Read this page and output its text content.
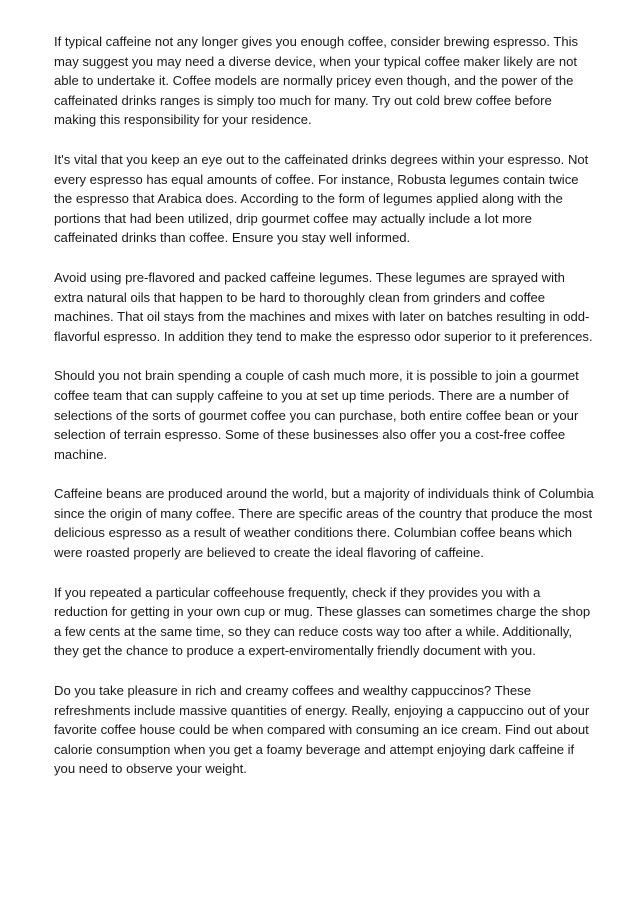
If typical caffeine not any longer gives you enough coffee, consider brewing espresso. This
may suggest you may need a diverse device, when your typical coffee maker likely are not
able to undertake it. Coffee models are normally pricey even though, and the power of the
caffeinated drinks ranges is simply too much for many. Try out cold brew coffee before
making this responsibility for your residence.

It's vital that you keep an eye out to the caffeinated drinks degrees within your espresso. Not
every espresso has equal amounts of coffee. For instance, Robusta legumes contain twice
the espresso that Arabica does. According to the form of legumes applied along with the
portions that had been utilized, drip gourmet coffee may actually include a lot more
caffeinated drinks than coffee. Ensure you stay well informed.

Avoid using pre-flavored and packed caffeine legumes. These legumes are sprayed with
extra natural oils that happen to be hard to thoroughly clean from grinders and coffee
machines. That oil stays from the machines and mixes with later on batches resulting in odd-
flavorful espresso. In addition they tend to make the espresso odor superior to it preferences.

Should you not brain spending a couple of cash much more, it is possible to join a gourmet
coffee team that can supply caffeine to you at set up time periods. There are a number of
selections of the sorts of gourmet coffee you can purchase, both entire coffee bean or your
selection of terrain espresso. Some of these businesses also offer you a cost-free coffee
machine.

Caffeine beans are produced around the world, but a majority of individuals think of Columbia
since the origin of many coffee. There are specific areas of the country that produce the most
delicious espresso as a result of weather conditions there. Columbian coffee beans which
were roasted properly are believed to create the ideal flavoring of caffeine.

If you repeated a particular coffeehouse frequently, check if they provides you with a
reduction for getting in your own cup or mug. These glasses can sometimes charge the shop
a few cents at the same time, so they can reduce costs way too after a while. Additionally,
they get the chance to produce a expert-enviromentally friendly document with you.

Do you take pleasure in rich and creamy coffees and wealthy cappuccinos? These
refreshments include massive quantities of energy. Really, enjoying a cappuccino out of your
favorite coffee house could be when compared with consuming an ice cream. Find out about
calorie consumption when you get a foamy beverage and attempt enjoying dark caffeine if
you need to observe your weight.
